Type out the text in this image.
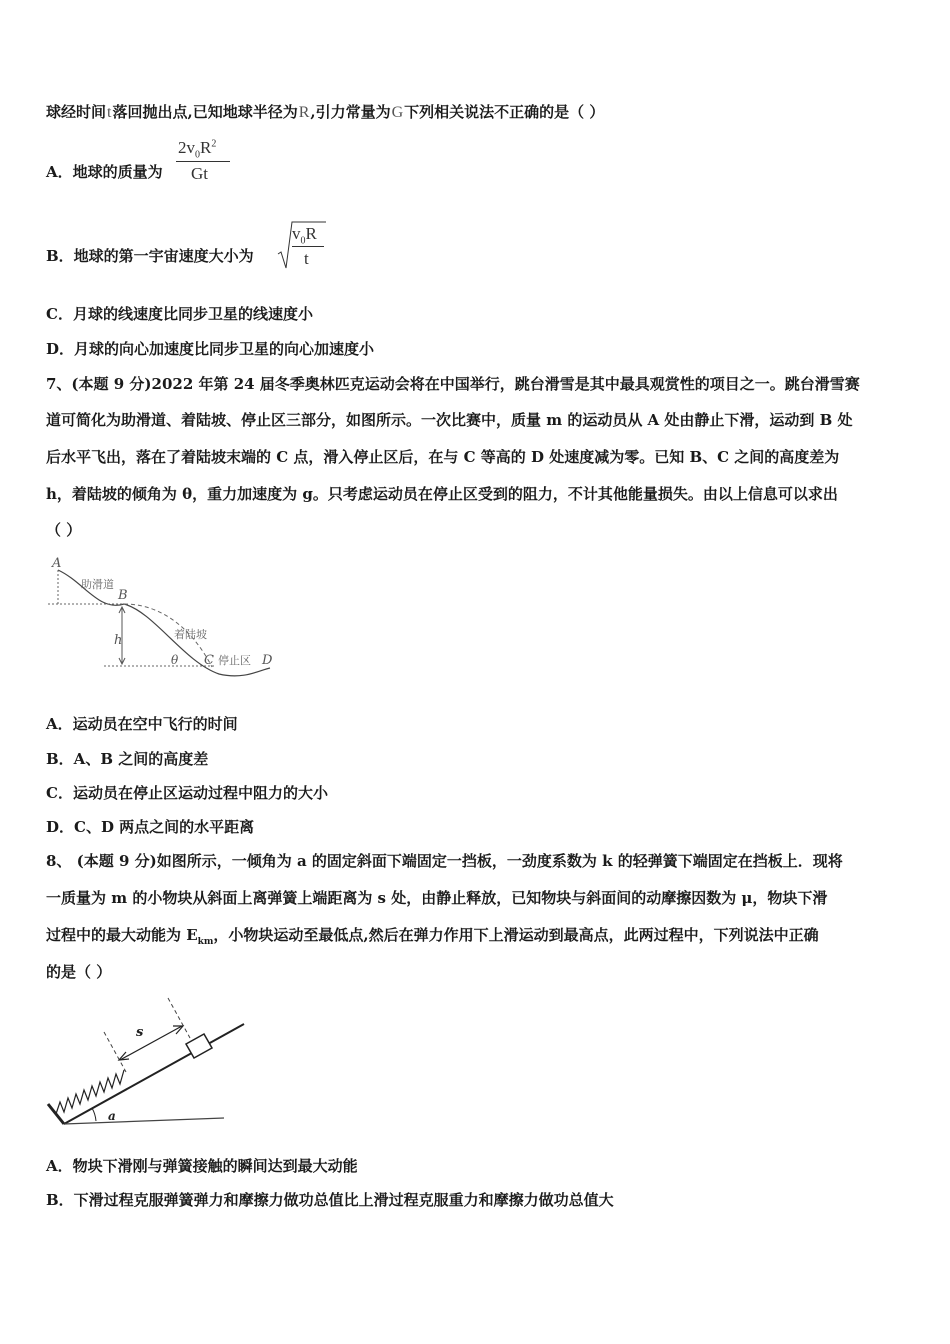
球经时间t落回抛出点,已知地球半径为R,引力常量为G下列相关说法不正确的是（ ）
A．地球的质量为
$2v_0R^2$
Gt
B．地球的第一宇宙速度大小为
$v_0R$
t
C．月球的线速度比同步卫星的线速度小
D．月球的向心加速度比同步卫星的向心加速度小
7、(本题 9 分)2022 年第 24 届冬季奥林匹克运动会将在中国举行，跳台滑雪是其中最具观赏性的项目之一。跳台滑雪赛
道可简化为助滑道、着陆坡、停止区三部分，如图所示。一次比赛中，质量 m 的运动员从 A 处由静止下滑，运动到 B 处
后水平飞出，落在了着陆坡末端的 C 点，滑入停止区后，在与 C 等高的 D 处速度减为零。已知 B、C 之间的高度差为
h，着陆坡的倾角为 θ，重力加速度为 g。只考虑运动员在停止区受到的阻力，不计其他能量损失。由以上信息可以求出
（ ）
A
助滑道
B
h	着陆坡
θ C 停止区 D
A．运动员在空中飞行的时间
B．A、B 之间的高度差
C．运动员在停止区运动过程中阻力的大小
D．C、D 两点之间的水平距离
8、 (本题 9 分)如图所示，一倾角为 a 的固定斜面下端固定一挡板，一劲度系数为 k 的轻弹簧下端固定在挡板上．现将
一质量为 m 的小物块从斜面上离弹簧上端距离为 s 处，由静止释放，已知物块与斜面间的动摩擦因数为 μ，物块下滑
过程中的最大动能为 $E_{km}$，小物块运动至最低点,然后在弹力作用下上滑运动到最高点，此两过程中，下列说法中正确
的是（ ）
s
a
A．物块下滑刚与弹簧接触的瞬间达到最大动能
B．下滑过程克服弹簧弹力和摩擦力做功总值比上滑过程克服重力和摩擦力做功总值大
